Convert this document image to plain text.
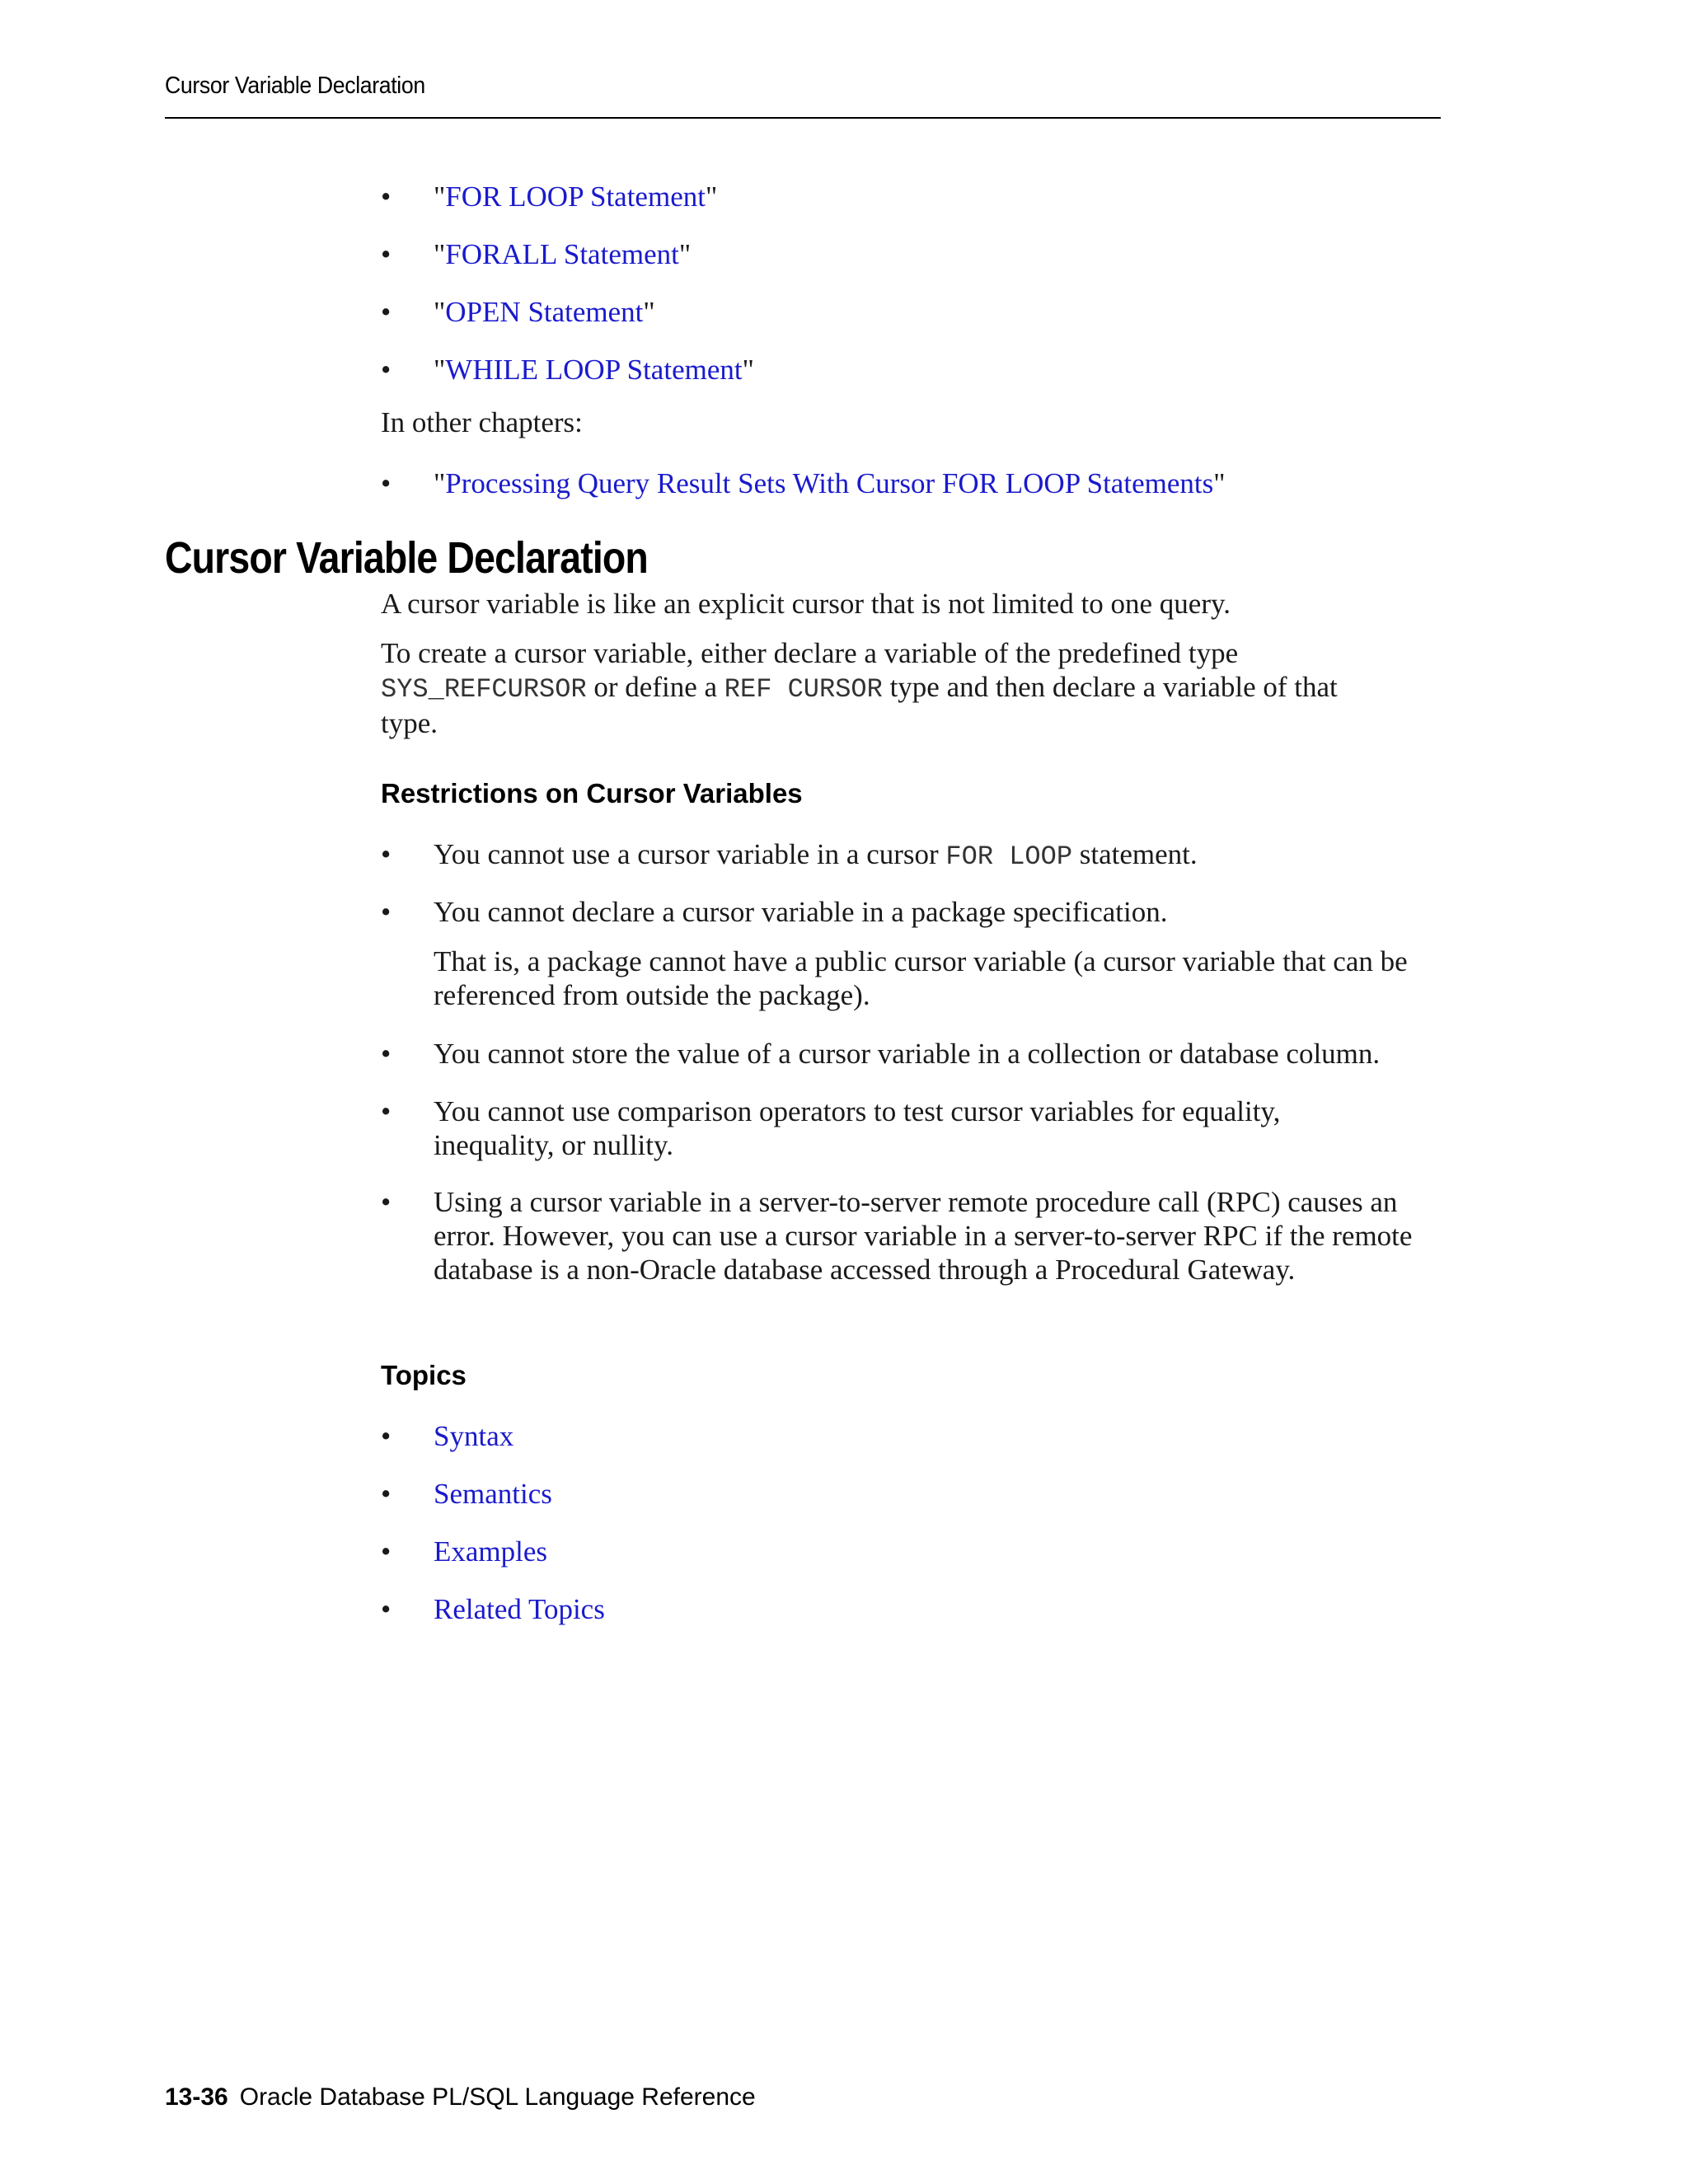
Cursor Variable Declaration
•	"FOR LOOP Statement"
•	"FORALL Statement"
•	"OPEN Statement"
•	"WHILE LOOP Statement"
In other chapters:
•	"Processing Query Result Sets With Cursor FOR LOOP Statements"
Cursor Variable Declaration
A cursor variable is like an explicit cursor that is not limited to one query.
To create a cursor variable, either declare a variable of the predefined type
SYS_REFCURSOR or define a REF CURSOR type and then declare a variable of that
type.
Restrictions on Cursor Variables
•	You cannot use a cursor variable in a cursor FOR LOOP statement.
•	You cannot declare a cursor variable in a package specification.
That is, a package cannot have a public cursor variable (a cursor variable that can be referenced from outside the package).
•	You cannot store the value of a cursor variable in a collection or database column.
•	You cannot use comparison operators to test cursor variables for equality, inequality, or nullity.
•	Using a cursor variable in a server-to-server remote procedure call (RPC) causes an error. However, you can use a cursor variable in a server-to-server RPC if the remote database is a non-Oracle database accessed through a Procedural Gateway.
Topics
•	Syntax
•	Semantics
•	Examples
•	Related Topics
13-36 Oracle Database PL/SQL Language Reference
